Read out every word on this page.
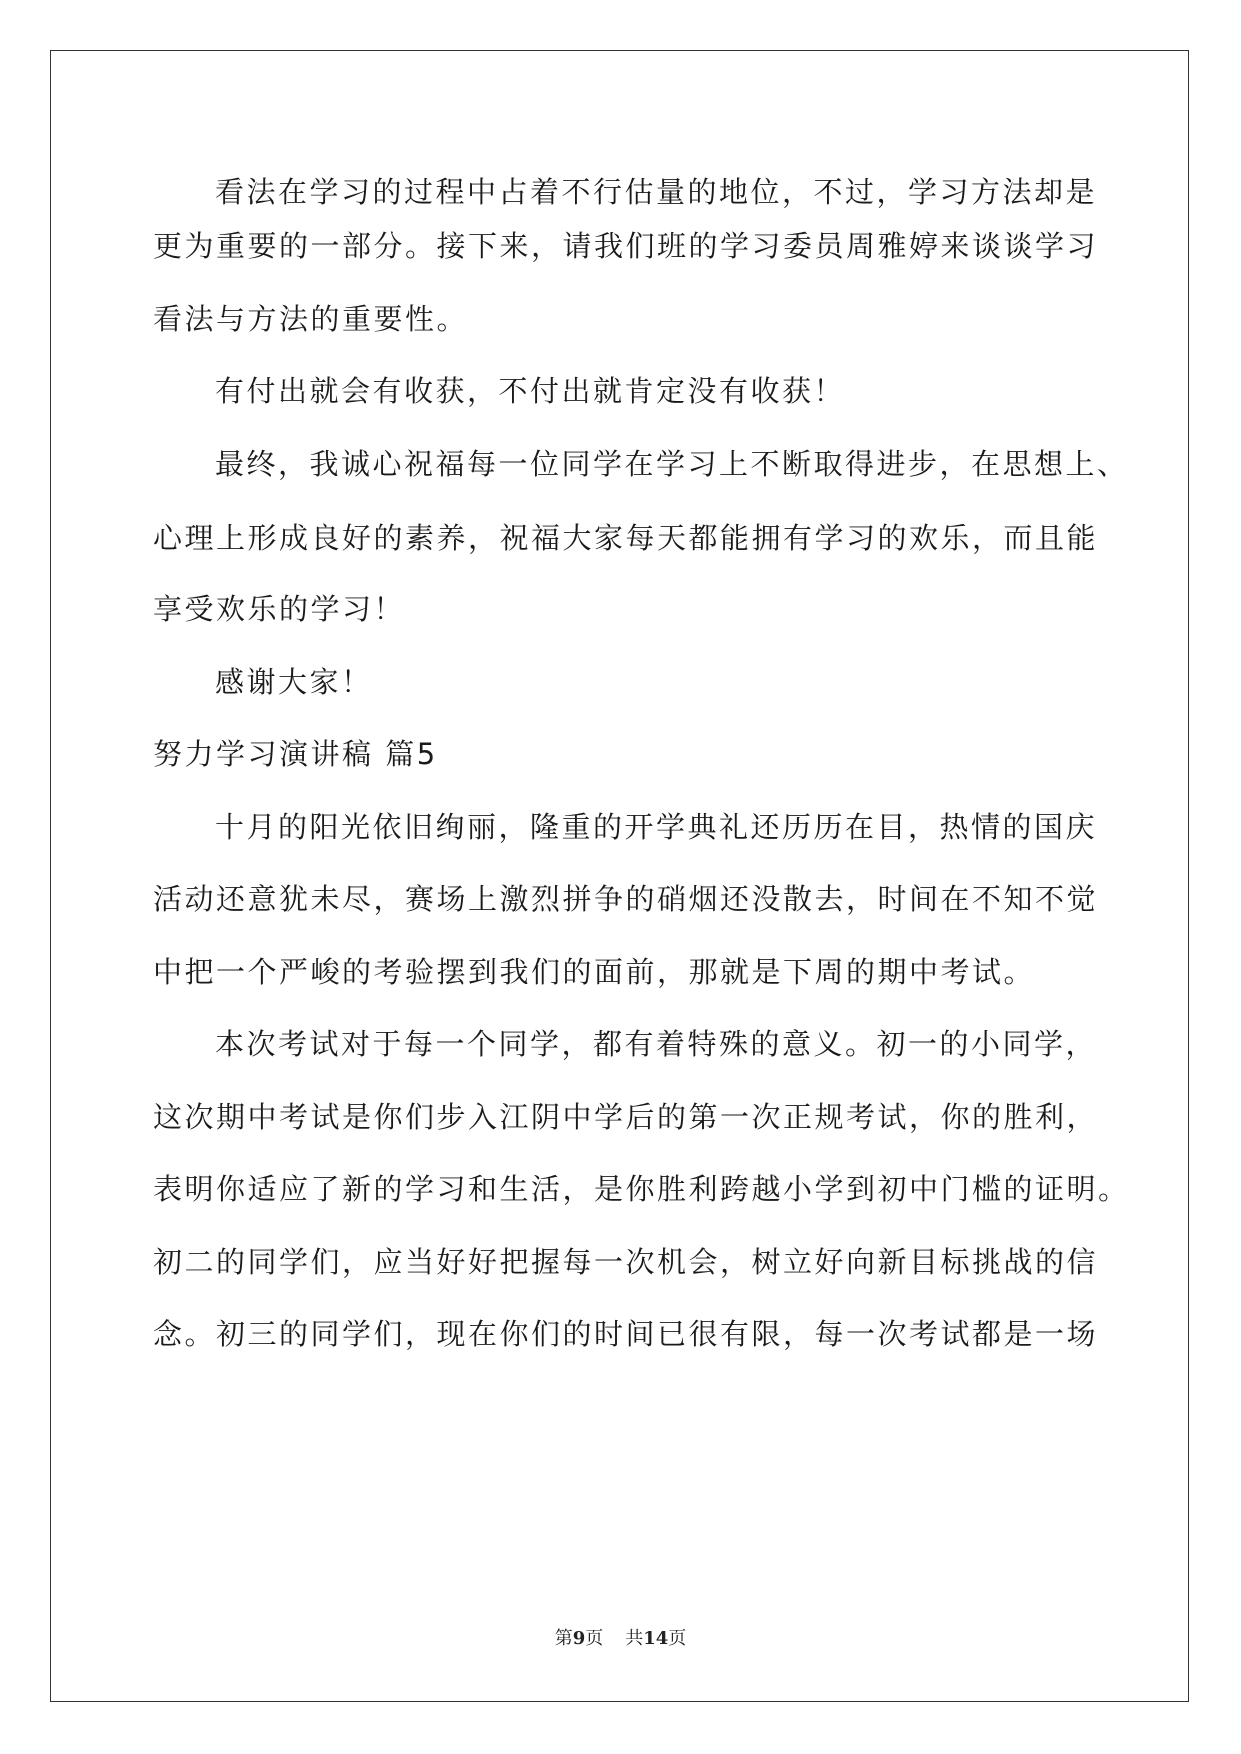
看法在学习的过程中占着不行估量的地位，不过，学习方法却是
更为重要的一部分。接下来，请我们班的学习委员周雅婷来谈谈学习
看法与方法的重要性。
有付出就会有收获，不付出就肯定没有收获！
最终，我诚心祝福每一位同学在学习上不断取得进步，在思想上、
心理上形成良好的素养，祝福大家每天都能拥有学习的欢乐，而且能
享受欢乐的学习！
感谢大家！
努力学习演讲稿 篇5
十月的阳光依旧绚丽，隆重的开学典礼还历历在目，热情的国庆
活动还意犹未尽，赛场上激烈拼争的硝烟还没散去，时间在不知不觉
中把一个严峻的考验摆到我们的面前，那就是下周的期中考试。
本次考试对于每一个同学，都有着特殊的意义。初一的小同学，
这次期中考试是你们步入江阴中学后的第一次正规考试，你的胜利，
表明你适应了新的学习和生活，是你胜利跨越小学到初中门槛的证明。
初二的同学们，应当好好把握每一次机会，树立好向新目标挑战的信
念。初三的同学们，现在你们的时间已很有限，每一次考试都是一场
第9页 共14页
